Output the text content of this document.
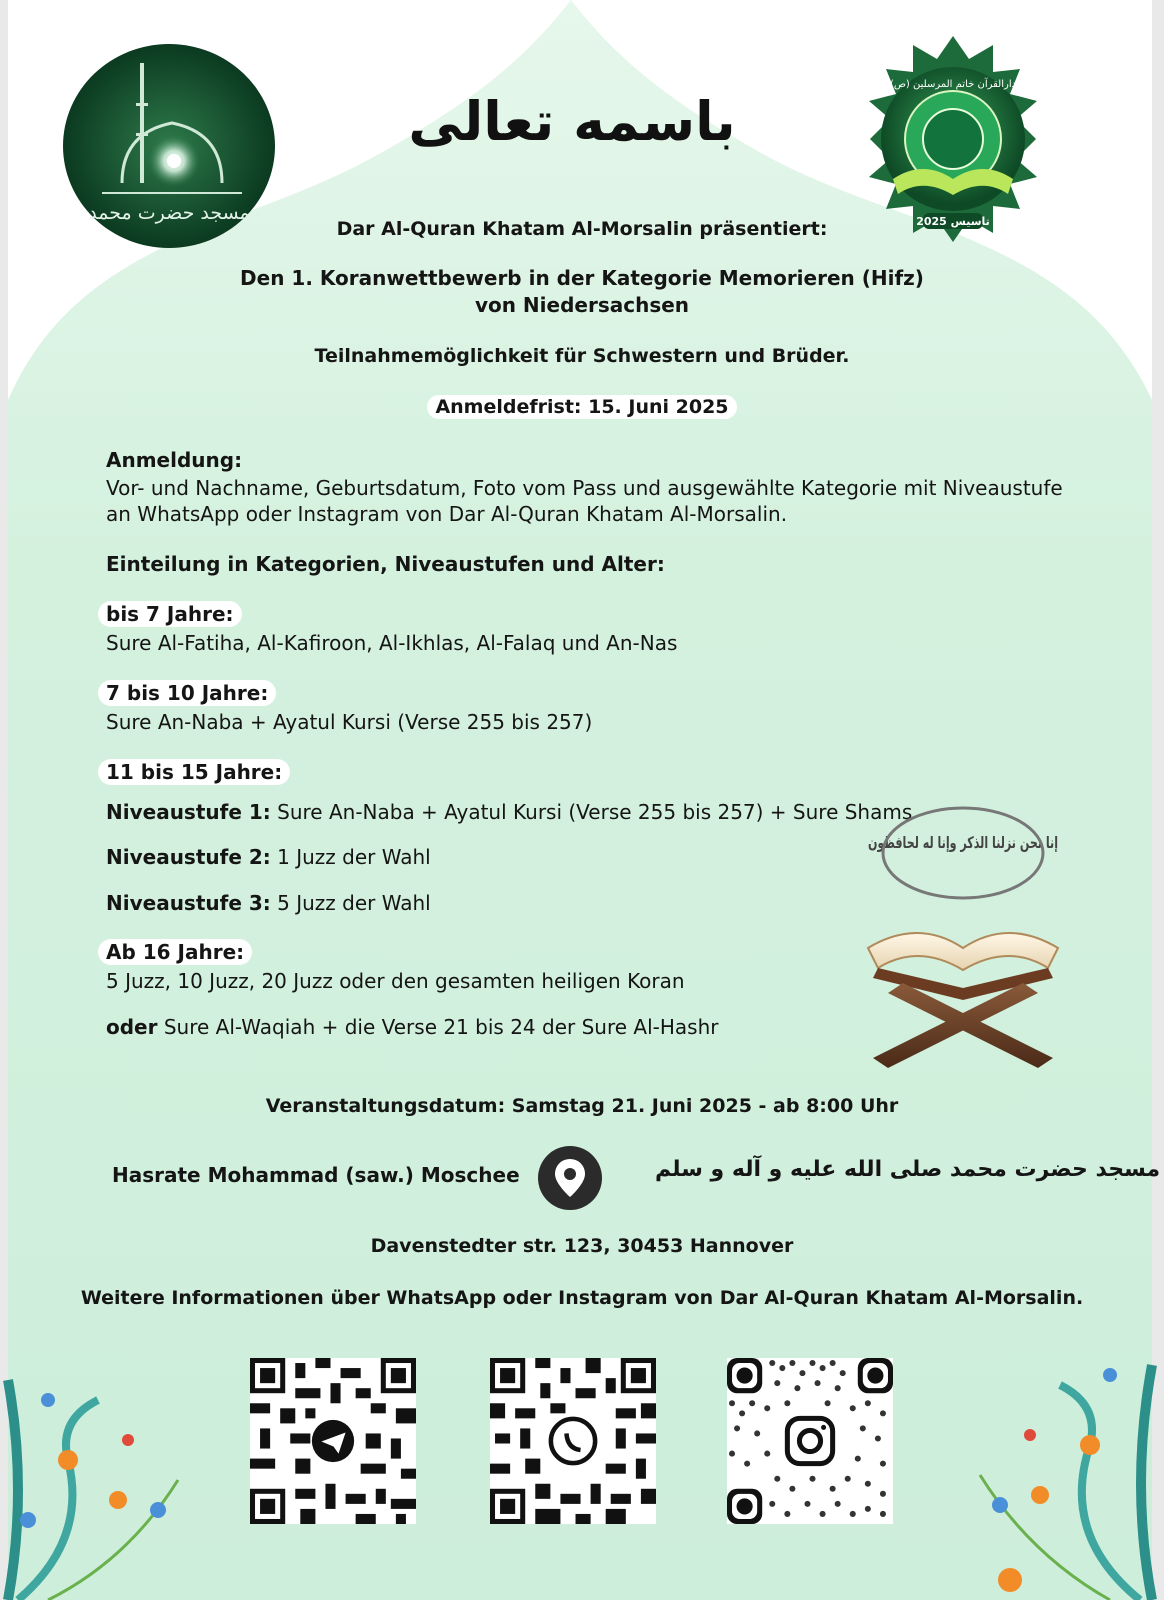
مسجد حضرت محمد
باسمه تعالی
تاسیس 2025
دارالقرآن خاتم المرسلین (ص)
Dar Al-Quran Khatam Al-Morsalin präsentiert:
Den 1. Koranwettbewerb in der Kategorie Memorieren (Hifz)
von Niedersachsen
Teilnahmemöglichkeit für Schwestern und Brüder.
Anmeldefrist: 15. Juni 2025
Anmeldung:
Vor- und Nachname, Geburtsdatum, Foto vom Pass und ausgewählte Kategorie mit Niveaustufe
an WhatsApp oder Instagram von Dar Al-Quran Khatam Al-Morsalin.
Einteilung in Kategorien, Niveaustufen und Alter:
bis 7 Jahre:
Sure Al-Fatiha, Al-Kafiroon, Al-Ikhlas, Al-Falaq und An-Nas
7 bis 10 Jahre:
Sure An-Naba + Ayatul Kursi (Verse 255 bis 257)
11 bis 15 Jahre:
Niveaustufe 1: Sure An-Naba + Ayatul Kursi (Verse 255 bis 257) + Sure Shams
Niveaustufe 2: 1 Juzz der Wahl
Niveaustufe 3: 5 Juzz der Wahl
Ab 16 Jahre:
5 Juzz, 10 Juzz, 20 Juzz oder den gesamten heiligen Koran
oder Sure Al-Waqiah + die Verse 21 bis 24 der Sure Al-Hashr
إنا نحن نزلنا الذكر وإنا له لحافظون
Veranstaltungsdatum: Samstag 21. Juni 2025 - ab 8:00 Uhr
Hasrate Mohammad (saw.) Moschee	مسجد حضرت محمد صلی الله علیه و آله و سلم
Davenstedter str. 123, 30453 Hannover
Weitere Informationen über WhatsApp oder Instagram von Dar Al-Quran Khatam Al-Morsalin.
